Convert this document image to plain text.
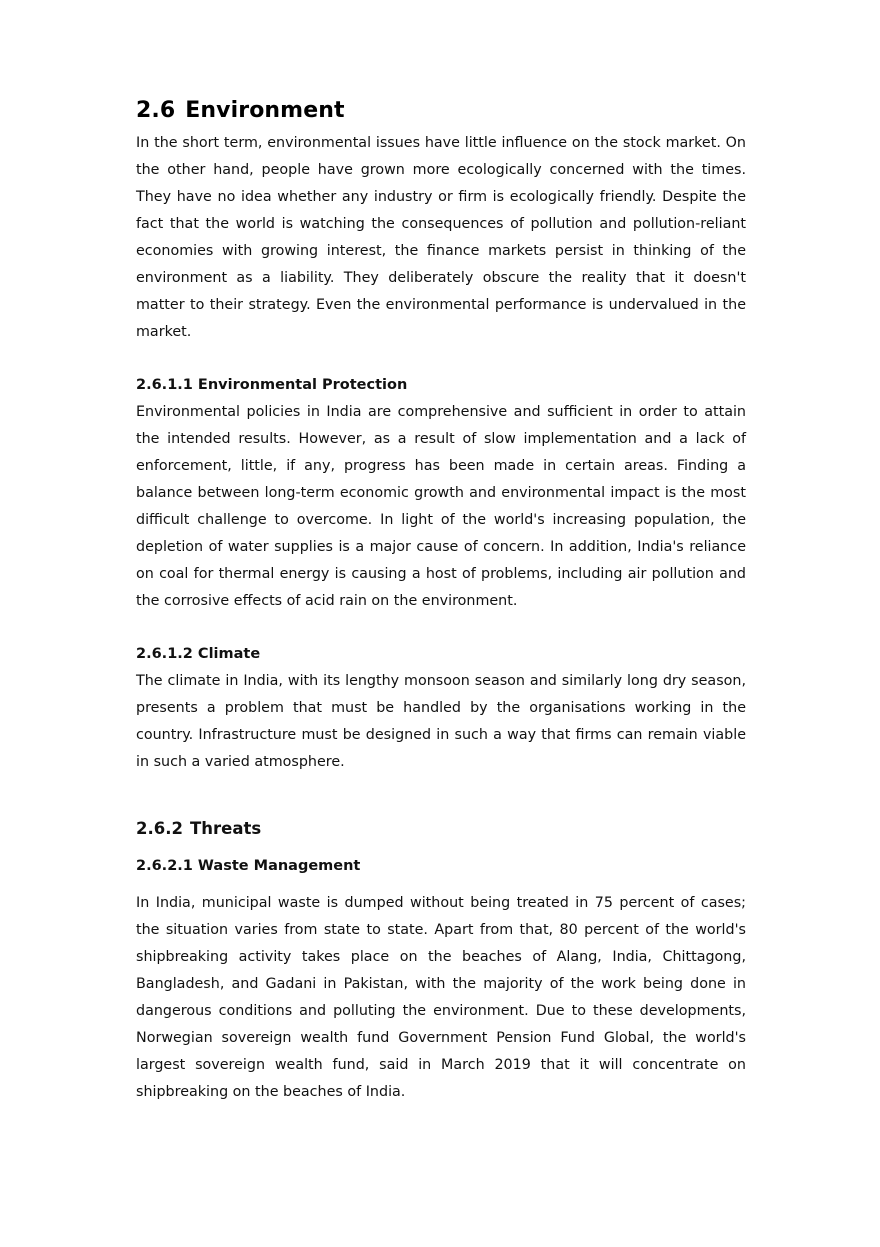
2.6 Environment

In the short term, environmental issues have little influence on the stock market. On the other hand, people have grown more ecologically concerned with the times. They have no idea whether any industry or firm is ecologically friendly. Despite the fact that the world is watching the consequences of pollution and pollution-reliant economies with growing interest, the finance markets persist in thinking of the environment as a liability. They deliberately obscure the reality that it doesn't matter to their strategy. Even the environmental performance is undervalued in the market.

2.6.1.1 Environmental Protection

Environmental policies in India are comprehensive and sufficient in order to attain the intended results. However, as a result of slow implementation and a lack of enforcement, little, if any, progress has been made in certain areas. Finding a balance between long-term economic growth and environmental impact is the most difficult challenge to overcome. In light of the world's increasing population, the depletion of water supplies is a major cause of concern. In addition, India's reliance on coal for thermal energy is causing a host of problems, including air pollution and the corrosive effects of acid rain on the environment.

2.6.1.2 Climate

The climate in India, with its lengthy monsoon season and similarly long dry season, presents a problem that must be handled by the organisations working in the country. Infrastructure must be designed in such a way that firms can remain viable in such a varied atmosphere.

2.6.2 Threats
2.6.2.1 Waste Management

In India, municipal waste is dumped without being treated in 75 percent of cases; the situation varies from state to state. Apart from that, 80 percent of the world's shipbreaking activity takes place on the beaches of Alang, India, Chittagong, Bangladesh, and Gadani in Pakistan, with the majority of the work being done in dangerous conditions and polluting the environment. Due to these developments, Norwegian sovereign wealth fund Government Pension Fund Global, the world's largest sovereign wealth fund, said in March 2019 that it will concentrate on shipbreaking on the beaches of India.
